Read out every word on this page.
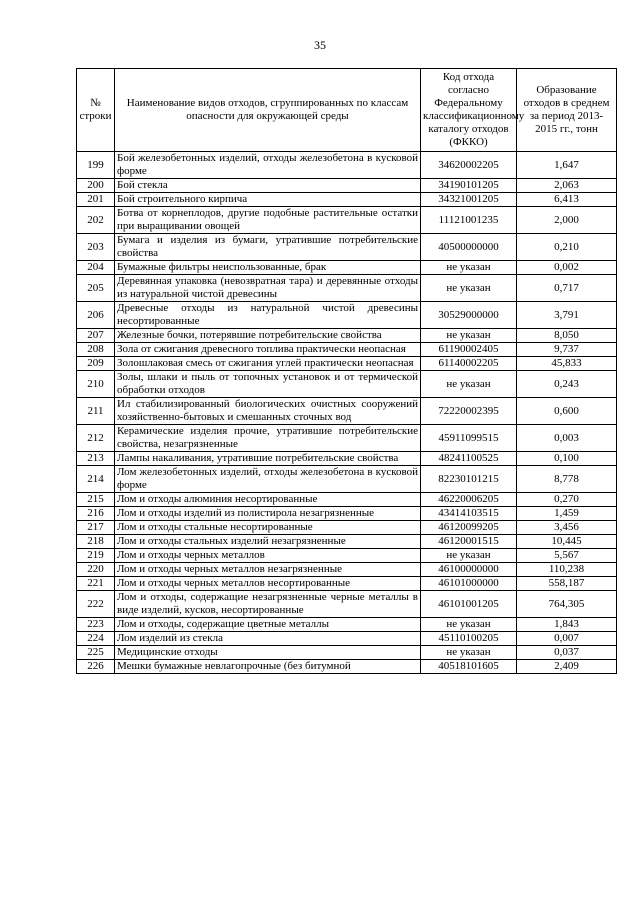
35
№ строки	Наименование видов отходов, сгруппированных по классам опасности для окружающей среды	Код отхода согласно Федеральному классификационному каталогу отходов (ФККО)	Образование отходов в среднем за период 2013-2015 гг., тонн
199	Бой железобетонных изделий, отходы железобетона в кусковой форме	34620002205	1,647
200	Бой стекла	34190101205	2,063
201	Бой строительного кирпича	34321001205	6,413
202	Ботва от корнеплодов, другие подобные растительные остатки при выращивании овощей	11121001235	2,000
203	Бумага и изделия из бумаги, утратившие потребительские свойства	40500000000	0,210
204	Бумажные фильтры неиспользованные, брак	не указан	0,002
205	Деревянная упаковка (невозвратная тара) и деревянные отходы из натуральной чистой древесины	не указан	0,717
206	Древесные отходы из натуральной чистой древесины несортированные	30529000000	3,791
207	Железные бочки, потерявшие потребительские свойства	не указан	8,050
208	Зола от сжигания древесного топлива практически неопасная	61190002405	9,737
209	Золошлаковая смесь от сжигания углей практически неопасная	61140002205	45,833
210	Золы, шлаки и пыль от топочных установок и от термической обработки отходов	не указан	0,243
211	Ил стабилизированный биологических очистных сооружений хозяйственно-бытовых и смешанных сточных вод	72220002395	0,600
212	Керамические изделия прочие, утратившие потребительские свойства, незагрязненные	45911099515	0,003
213	Лампы накаливания, утратившие потребительские свойства	48241100525	0,100
214	Лом железобетонных изделий, отходы железобетона в кусковой форме	82230101215	8,778
215	Лом и отходы алюминия несортированные	46220006205	0,270
216	Лом и отходы изделий из полистирола незагрязненные	43414103515	1,459
217	Лом и отходы стальные несортированные	46120099205	3,456
218	Лом и отходы стальных изделий незагрязненные	46120001515	10,445
219	Лом и отходы черных металлов	не указан	5,567
220	Лом и отходы черных металлов незагрязненные	46100000000	110,238
221	Лом и отходы черных металлов несортированные	46101000000	558,187
222	Лом и отходы, содержащие незагрязненные черные металлы в виде изделий, кусков, несортированные	46101001205	764,305
223	Лом и отходы, содержащие цветные металлы	не указан	1,843
224	Лом изделий из стекла	45110100205	0,007
225	Медицинские отходы	не указан	0,037
226	Мешки бумажные невлагопрочные (без битумной	40518101605	2,409
